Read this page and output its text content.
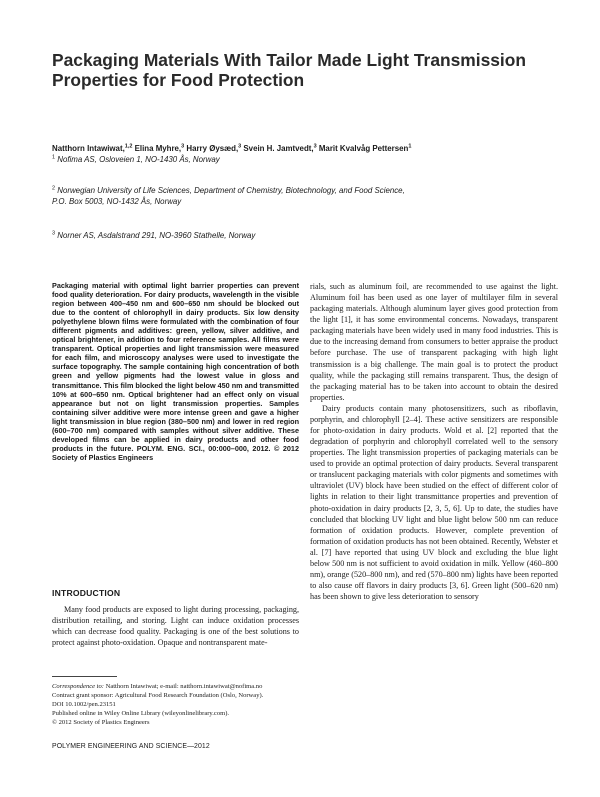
Packaging Materials With Tailor Made Light Transmission Properties for Food Protection
Natthorn Intawiwat,$^{1,2}$ Elina Myhre,$^3$ Harry Øysæd,$^3$ Svein H. Jamtvedt,$^3$ Marit Kvalvåg Pettersen$^1$
$^1$ Nofima AS, Osloveien 1, NO-1430 Ås, Norway
$^2$ Norwegian University of Life Sciences, Department of Chemistry, Biotechnology, and Food Science,
P.O. Box 5003, NO-1432 Ås, Norway
$^3$ Norner AS, Asdalstrand 291, NO-3960 Stathelle, Norway
Packaging material with optimal light barrier properties can prevent food quality deterioration. For dairy products, wavelength in the visible region between 400–450 nm and 600–650 nm should be blocked out due to the content of chlorophyll in dairy products. Six low density polyethylene blown films were formulated with the combination of four different pigments and additives: green, yellow, silver additive, and optical brightener, in addition to four reference samples. All films were transparent. Optical properties and light transmission were measured for each film, and microscopy analyses were used to investigate the surface topography. The sample containing high concentration of both green and yellow pigments had the lowest value in gloss and transmittance. This film blocked the light below 450 nm and transmitted 10% at 600–650 nm. Optical brightener had an effect only on visual appearance but not on light transmission properties. Samples containing silver additive were more intense green and gave a higher light transmission in blue region (380–500 nm) and lower in red region (600–700 nm) compared with samples without silver additive. These developed films can be applied in dairy products and other food products in the future. POLYM. ENG. SCI., 00:000–000, 2012. © 2012 Society of Plastics Engineers
INTRODUCTION

Many food products are exposed to light during processing, packaging, distribution retailing, and storing. Light can induce oxidation processes which can decrease food quality. Packaging is one of the best solutions to protect against photo-oxidation. Opaque and nontransparent mate-

Correspondence to: Natthorn Intawiwat; e-mail: natthorn.intawiwat@nofima.no
Contract grant sponsor: Agricultural Food Research Foundation (Oslo, Norway).
DOI 10.1002/pen.23151
Published online in Wiley Online Library (wileyonlinelibrary.com).
© 2012 Society of Plastics Engineers

rials, such as aluminum foil, are recommended to use against the light. Aluminum foil has been used as one layer of multilayer film in several packaging materials. Although aluminum layer gives good protection from the light [1], it has some environmental concerns. Nowadays, transparent packaging materials have been widely used in many food industries. This is due to the increasing demand from consumers to better appraise the product before purchase. The use of transparent packaging with high light transmission is a big challenge. The main goal is to protect the product quality, while the packaging still remains transparent. Thus, the design of the packaging material has to be taken into account to obtain the desired properties.

Dairy products contain many photosensitizers, such as riboflavin, porphyrin, and chlorophyll [2–4]. These active sensitizers are responsible for photo-oxidation in dairy products. Wold et al. [2] reported that the degradation of porphyrin and chlorophyll correlated well to the sensory properties. The light transmission properties of packaging materials can be used to provide an optimal protection of dairy products. Several transparent or translucent packaging materials with color pigments and sometimes with ultraviolet (UV) block have been studied on the effect of different color of lights in relation to their light transmittance properties and prevention of photo-oxidation in dairy products [2, 3, 5, 6]. Up to date, the studies have concluded that blocking UV light and blue light below 500 nm can reduce formation of oxidation products. However, complete prevention of formation of oxidation products has not been obtained. Recently, Webster et al. [7] have reported that using UV block and excluding the blue light below 500 nm is not sufficient to avoid oxidation in milk. Yellow (460–800 nm), orange (520–800 nm), and red (570–800 nm) lights have been reported to also cause off flavors in dairy products [3, 6]. Green light (500–620 nm) has been shown to give less deterioration to sensory

POLYMER ENGINEERING AND SCIENCE—2012
